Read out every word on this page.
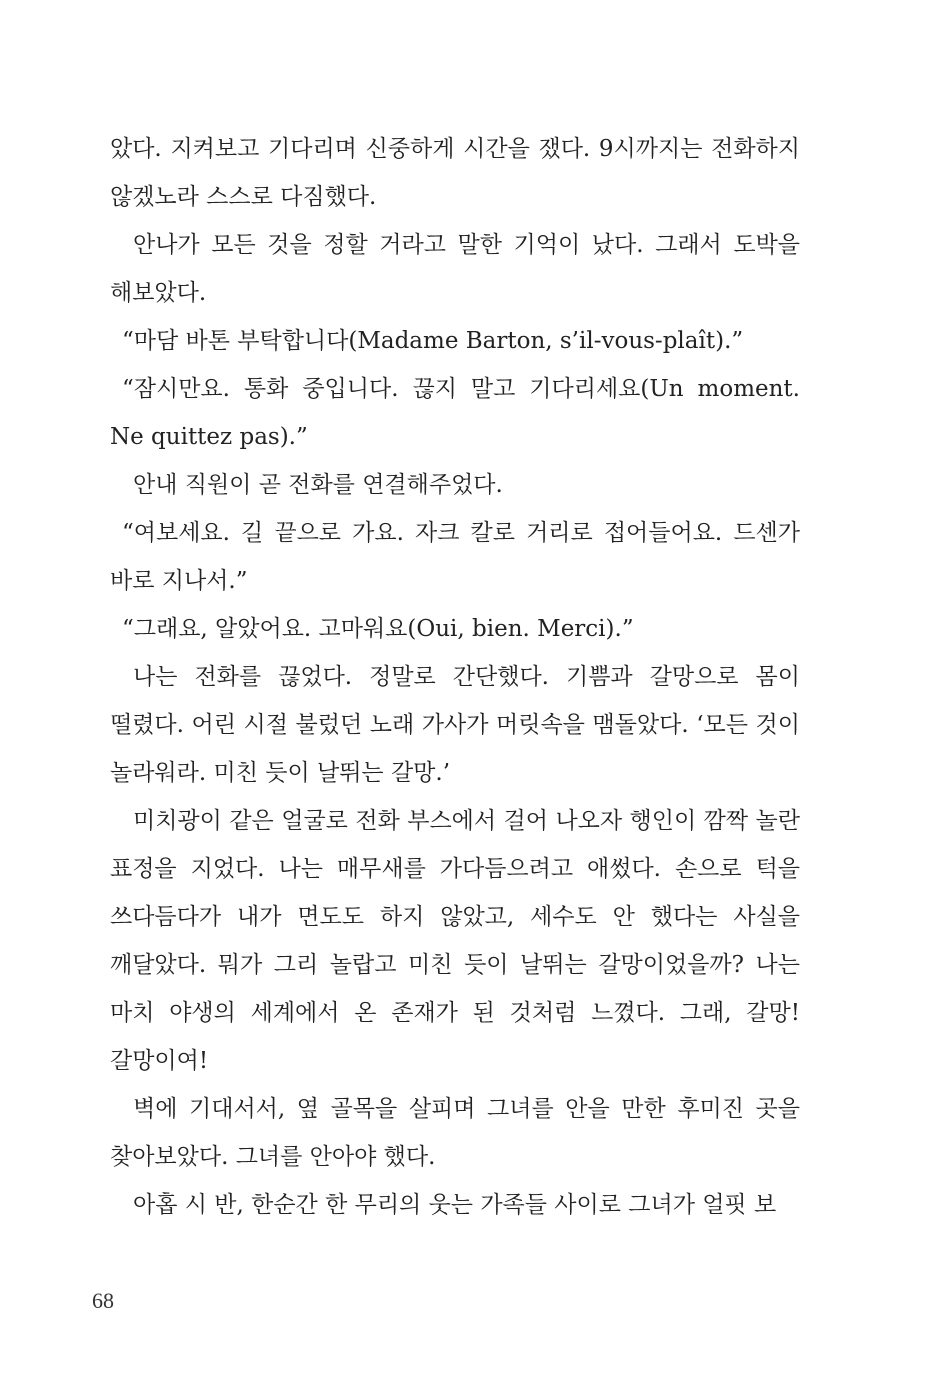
았다. 지켜보고 기다리며 신중하게 시간을 쟀다. 9시까지는 전화하지 않겠노라 스스로 다짐했다.

안나가 모든 것을 정할 거라고 말한 기억이 났다. 그래서 도박을 해보았다.

“마담 바톤 부탁합니다(Madame Barton, s’il-vous-plaît).”

“잠시만요. 통화 중입니다. 끊지 말고 기다리세요(Un moment. Ne quittez pas).”

안내 직원이 곧 전화를 연결해주었다.

“여보세요. 길 끝으로 가요. 자크 칼로 거리로 접어들어요. 드센가 바로 지나서.”

“그래요, 알았어요. 고마워요(Oui, bien. Merci).”

나는 전화를 끊었다. 정말로 간단했다. 기쁨과 갈망으로 몸이 떨렸다. 어린 시절 불렀던 노래 가사가 머릿속을 맴돌았다. ‘모든 것이 놀라워라. 미친 듯이 날뛰는 갈망.’

미치광이 같은 얼굴로 전화 부스에서 걸어 나오자 행인이 깜짝 놀란 표정을 지었다. 나는 매무새를 가다듬으려고 애썼다. 손으로 턱을 쓰다듬다가 내가 면도도 하지 않았고, 세수도 안 했다는 사실을 깨달았다. 뭐가 그리 놀랍고 미친 듯이 날뛰는 갈망이었을까? 나는 마치 야생의 세계에서 온 존재가 된 것처럼 느꼈다. 그래, 갈망! 갈망이여!

벽에 기대서서, 옆 골목을 살피며 그녀를 안을 만한 후미진 곳을 찾아보았다. 그녀를 안아야 했다.

아홉 시 반, 한순간 한 무리의 웃는 가족들 사이로 그녀가 얼핏 보

68
